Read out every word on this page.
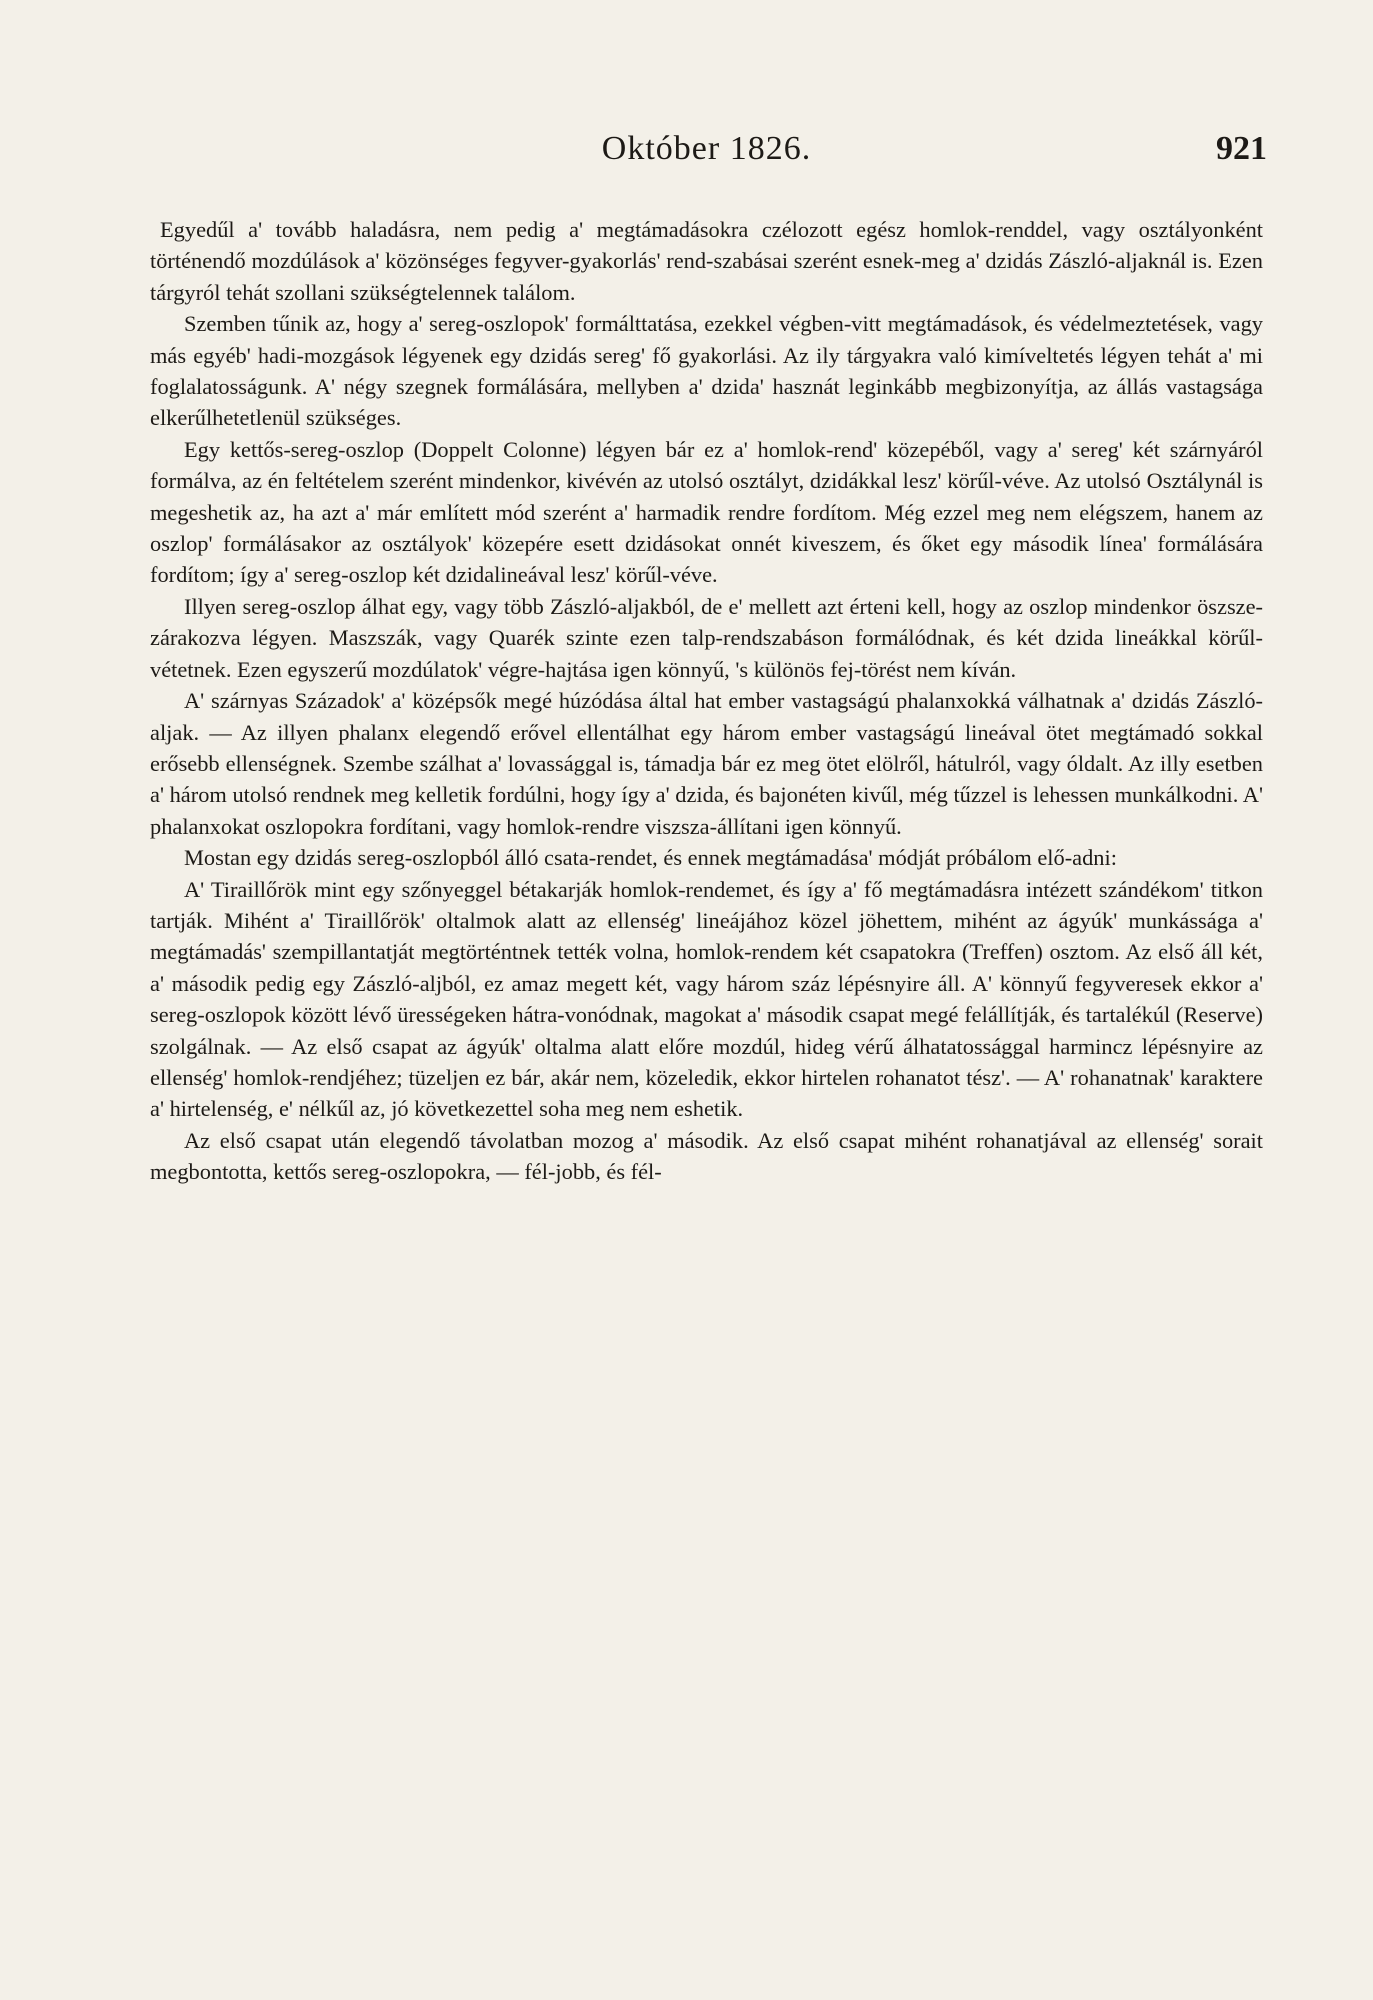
Október 1826.	921

Egyedűl a' tovább haladásra, nem pedig a' megtámadásokra czélozott egész homlok-renddel, vagy osztályonként történendő mozdúlások a' közönséges fegyver-gyakorlás' rend-szabásai szerént esnek-meg a' dzidás Zászló-aljaknál is. Ezen tárgyról tehát szollani szükségtelennek találom.

Szemben tűnik az, hogy a' sereg-oszlopok' formálttatása, ezekkel végben-vitt megtámadások, és védelmeztetések, vagy más egyéb' hadi-mozgások légyenek egy dzidás sereg' fő gyakorlási. Az ily tárgyakra való kimíveltetés légyen tehát a' mi foglalatosságunk. A' négy szegnek formálására, mellyben a' dzida' hasznát leginkább megbizonyítja, az állás vastagsága elkerűlhetetlenül szükséges.

Egy kettős-sereg-oszlop (Doppelt Colonne) légyen bár ez a' homlok-rend' közepéből, vagy a' sereg' két szárnyáról formálva, az én feltételem szerént mindenkor, kivévén az utolsó osztályt, dzidákkal lesz' körűl-véve. Az utolsó Osztálynál is megeshetik az, ha azt a' már említett mód szerént a' harmadik rendre fordítom. Még ezzel meg nem elégszem, hanem az oszlop' formálásakor az osztályok' közepére esett dzidásokat onnét kiveszem, és őket egy második línea' formálására fordítom; így a' sereg-oszlop két dzidalineával lesz' körűl-véve.

Illyen sereg-oszlop álhat egy, vagy több Zászló-aljakból, de e' mellett azt érteni kell, hogy az oszlop mindenkor öszsze-zárakozva légyen. Maszszák, vagy Quarék szinte ezen talp-rendszabáson formálódnak, és két dzida lineákkal körűl-vétetnek. Ezen egyszerű mozdúlatok' végre-hajtása igen könnyű, 's különös fej-törést nem kíván.

A' szárnyas Századok' a' középsők megé húzódása által hat ember vastagságú phalanxokká válhatnak a' dzidás Zászló-aljak. — Az illyen phalanx elegendő erővel ellentálhat egy három ember vastagságú lineával ötet megtámadó sokkal erősebb ellenségnek. Szembe szálhat a' lovassággal is, támadja bár ez meg ötet elölről, hátulról, vagy óldalt. Az illy esetben a' három utolsó rendnek meg kelletik fordúlni, hogy így a' dzida, és bajonéten kivűl, még tűzzel is lehessen munkálkodni. A' phalanxokat oszlopokra fordítani, vagy homlok-rendre viszsza-állítani igen könnyű.

Mostan egy dzidás sereg-oszlopból álló csata-rendet, és ennek megtámadása' módját próbálom elő-adni:

A' Tiraillőrök mint egy szőnyeggel bétakarják homlok-rendemet, és így a' fő megtámadásra intézett szándékom' titkon tartják. Mihént a' Tiraillőrök' oltalmok alatt az ellenség' lineájához közel jöhettem, mihént az ágyúk' munkássága a' megtámadás' szempillantatját megtörténtnek tették volna, homlok-rendem két csapatokra (Treffen) osztom. Az első áll két, a' második pedig egy Zászló-aljból, ez amaz megett két, vagy három száz lépésnyire áll. A' könnyű fegyveresek ekkor a' sereg-oszlopok között lévő ürességeken hátra-vonódnak, magokat a' második csapat megé felállítják, és tartalékúl (Reserve) szolgálnak. — Az első csapat az ágyúk' oltalma alatt előre mozdúl, hideg vérű álhatatossággal harmincz lépésnyire az ellenség' homlok-rendjéhez; tüzeljen ez bár, akár nem, közeledik, ekkor hirtelen rohanatot tész'. — A' rohanatnak' karaktere a' hirtelenség, e' nélkűl az, jó következettel soha meg nem eshetik.

Az első csapat után elegendő távolatban mozog a' második. Az első csapat mihént rohanatjával az ellenség' sorait megbontotta, kettős sereg-oszlopokra, — fél-jobb, és fél-
